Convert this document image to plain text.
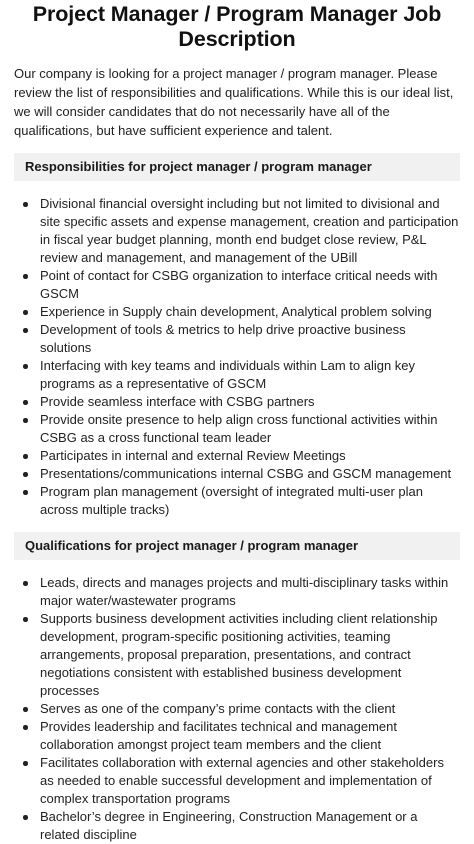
Project Manager / Program Manager Job Description

Our company is looking for a project manager / program manager. Please review the list of responsibilities and qualifications. While this is our ideal list, we will consider candidates that do not necessarily have all of the qualifications, but have sufficient experience and talent.

Responsibilities for project manager / program manager
Divisional financial oversight including but not limited to divisional and site specific assets and expense management, creation and participation in fiscal year budget planning, month end budget close review, P&L review and management, and management of the UBill
Point of contact for CSBG organization to interface critical needs with GSCM
Experience in Supply chain development, Analytical problem solving
Development of tools & metrics to help drive proactive business solutions
Interfacing with key teams and individuals within Lam to align key programs as a representative of GSCM
Provide seamless interface with CSBG partners
Provide onsite presence to help align cross functional activities within CSBG as a cross functional team leader
Participates in internal and external Review Meetings
Presentations/communications internal CSBG and GSCM management
Program plan management (oversight of integrated multi-user plan across multiple tracks)
Qualifications for project manager / program manager
Leads, directs and manages projects and multi-disciplinary tasks within major water/wastewater programs
Supports business development activities including client relationship development, program-specific positioning activities, teaming arrangements, proposal preparation, presentations, and contract negotiations consistent with established business development processes
Serves as one of the company’s prime contacts with the client
Provides leadership and facilitates technical and management collaboration amongst project team members and the client
Facilitates collaboration with external agencies and other stakeholders as needed to enable successful development and implementation of complex transportation programs
Bachelor’s degree in Engineering, Construction Management or a related discipline
